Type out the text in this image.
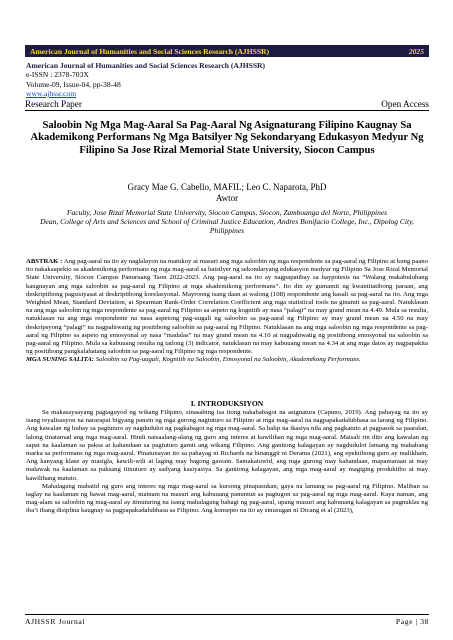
American Journal of Humanities and Social Sciences Research (AJHSSR)	2025
American Journal of Humanities and Social Sciences Research (AJHSSR)
e-ISSN : 2378-703X
Volume-09, Issue-04, pp-38-48
www.ajhssr.com
Research Paper	Open Access
Saloobin Ng Mga Mag-Aaral Sa Pag-Aaral Ng Asignaturang Filipino Kaugnay Sa Akademikong Performans Ng Mga Batsilyer Ng Sekondaryang Edukasyon Medyur Ng Filipino Sa Jose Rizal Memorial State University, Siocon Campus
Gracy Mae G. Cabello, MAFIL; Leo C. Naparota, PhD
Awtor
Faculty, Jose Rizal Memorial State University, Siocon Campus, Siocon, Zamboanga del Norte, Philippines
Dean, College of Arts and Sciences and School of Criminal Justice Education, Andres Bonifacio College, Inc., Dipolog City, Philippines
ABSTRAK : Ang pag-aaral na ito ay naglalayon na matukoy at masuri ang mga saloobin ng mga respondente sa pag-aaral ng Filipino at kung paano ito nakakaapekto sa akademikong performans ng mga mag-aaral sa batsilyer ng sekondaryang edukasyon medyur ng Filipino Sa Jose Rizal Memorial State University, Siocon Campus Panuruang Taon 2022-2023. Ang pag-aaral na ito ay nagpapatibay sa haypotesis na “Walang makabuluhang kaugnayan ang mga saloobin sa pag-aaral ng Filipino at mga akademikong performans”. Ito din ay gumamit ng kwantitatibong paraan, ang deskriptibong pagsisiyasat at deskriptibong korelasyonal. Mayroong isang daan at walong (108) respondente ang kasali sa pag-aaral na ito. Ang mga Weighted Mean, Standard Deviation, at Spearman Rank-Order Correlation Coefficient ang mga statistical tools na ginamit sa pag-aaral. Natuklasan na ang mga saloobin ng mga respondente sa pag-aaral ng Filipino sa aspeto ng kognitib ay nasa “palagi” na may grand mean na 4.49. Mula sa resulta, natuklasan na ang mga respondente na nasa aspetong pag-uugali ng saloobin sa pag-aaral ng Filipino ay may grand mean na 4.50 na may deskripsyong “palagi” na nagpahiwatig ng positibong saloobin sa pag-aaral ng Filipino. Natuklasan na ang mga saloobin ng mga respondente sa pag-aaral ng Filipino sa aspeto ng emosyonal ay nasa “madalas” na may grand mean na 4.10 at nagpahiwatig ng positibong emosyonal na saloobin sa pag-aaral ng Filipino. Mula sa kabuuang resulta ng tatlong (3) indicator, natuklasan na may kabuuang mean na 4.34 at ang mga datos ay nagpapakita ng positibong pangkalahatang saloobin sa pag-aaral ng Filipino ng mga respondente.
MGA SUSING SALITA: Saloobin sa Pag-uugali, Kognitib na Saloobin, Emosyonal na Saloobin, Akademikong Performans.
I. INTRODUKSIYON

Sa makasaysayang pagtaguyod ng wikang Filipino, sinasabing isa itong nakababagot na asignatura (Capuno, 2019). Ang pahayag na ito ay isang reyalisasyon na nararapat bigyang pansin ng mga gurong nagtuturo sa Filipino at mga mag-aaral na nagpapakadalubhasa sa larang ng Filipino. Ang kawalan ng buhay sa pagtuturo ay nagdudulot ng pagkabagot ng mga mag-aaral. Sa halip na ikasiya nila ang pagkatuto at pagpasok sa paaralan, lalong tinatamad ang mga mag-aaral. Hindi naisaalang-alang ng guro ang interes at kawilihan ng mga mag-aaral. Maisali rin dito ang kawalan ng sapat na kaalaman sa paksa at kahandaan sa pagtuturo gamit ang wikang Filipino. Ang ganitong kalagayan ay nagdudulot lamang ng mahabang marka sa performans ng mga mag-aaral. Pinatunayan ito sa pahayag ni Richards na binanggit ni Derama (2021), ang epektibong guro ay malikhain. Ang kanyang klase ay masigla, kawili-wili at laging may bagong gawain. Samakatuwid, ang mga gurong may kahandaan, mapamaraan at may malawak na kaalaman sa paksang itinuturo ay sadyang kasiyasiya. Sa ganitong kalagayan, ang mga mag-aaral ay magiging produktibo at may kawilihang matuto.

Mahalagang mabatid ng guro ang interes ng mga mag-aaral sa kursong pinapasukan, gaya na lamang sa pag-aaral ng Filipino. Maliban sa taglay na kaalaman ng bawat mag-aaral, mainam na masuri ang kabuuang panuntun sa pagtugon sa pag-aaral ng mga mag-aaral. Kaya naman, ang mag-alam sa saloobin ng mag-aaral ay itinuturing na isang mahalagang bahagi ng pag-aaral, upang masuri ang kabuuang kalagayan sa pagnuklas ng iba’t ibang disiplina kaugnay sa pagpapakadalubhasa sa Filipino. Ang konsepto na ito ay sinusugan ni Dicang et al (2023),

AJHSSR Journal	Page | 38
